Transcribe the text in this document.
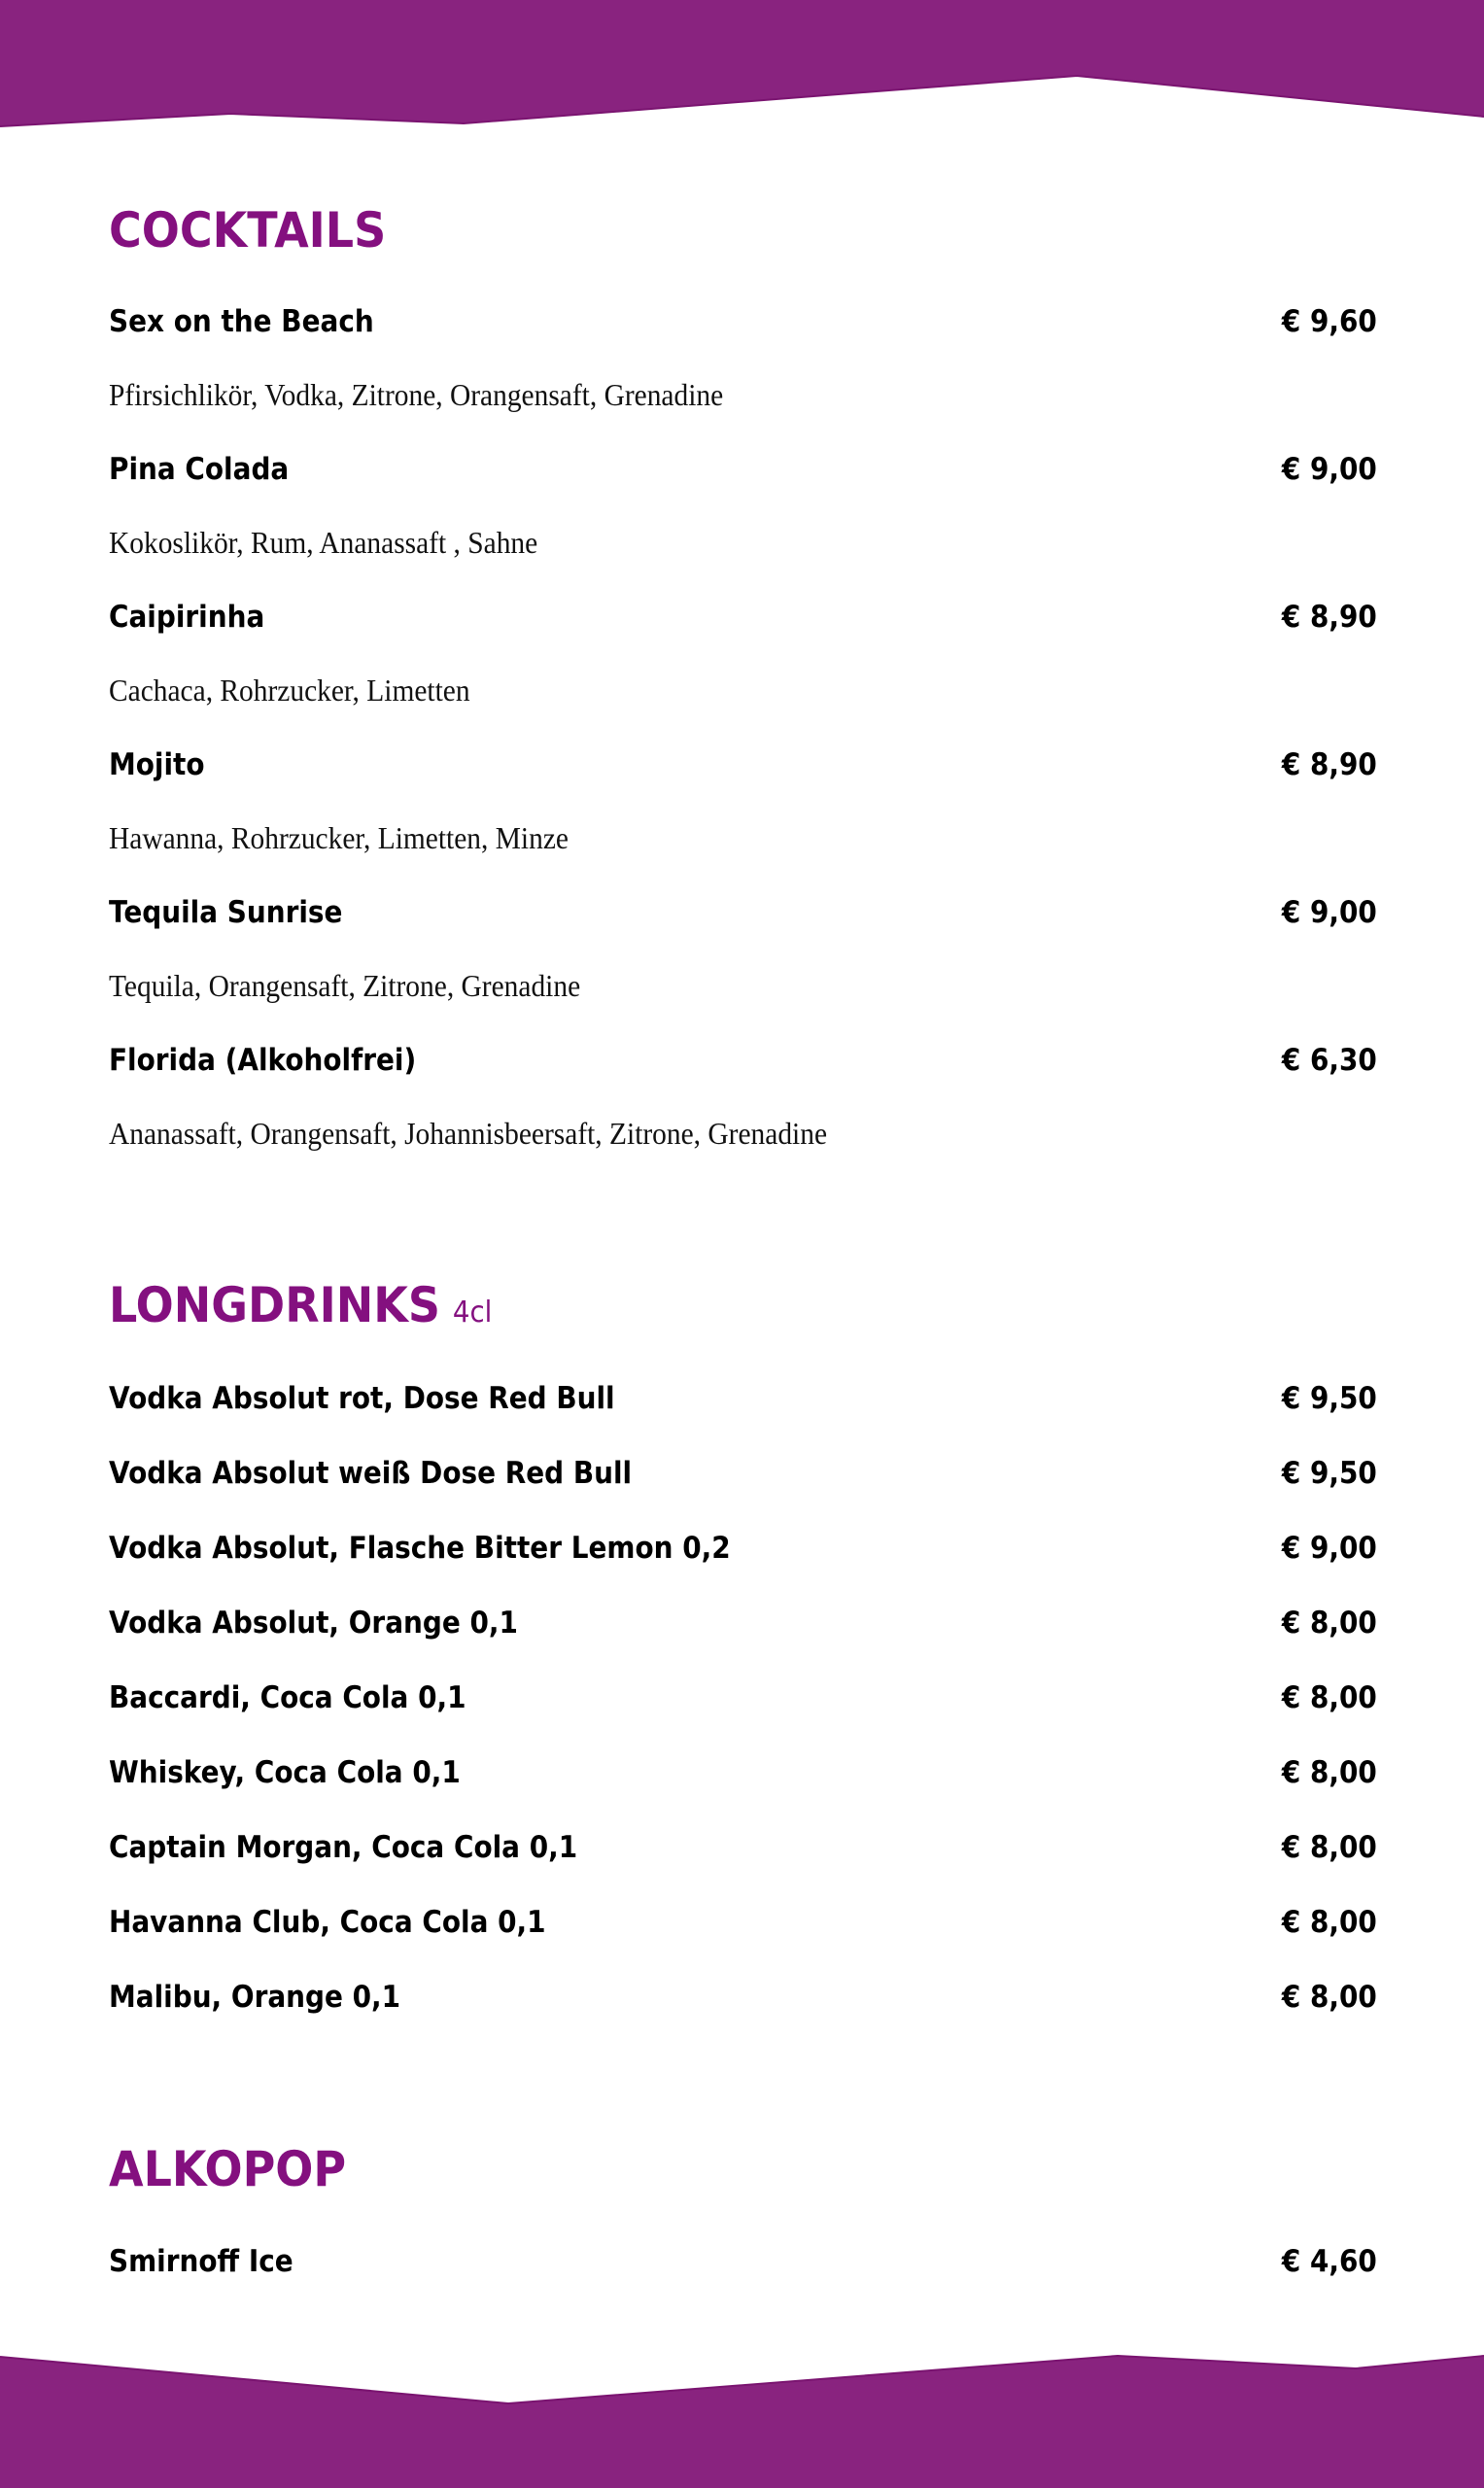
COCKTAILS
Sex on the Beach	€ 9,60
Pfirsichlikör, Vodka, Zitrone, Orangensaft, Grenadine
Pina Colada	€ 9,00
Kokoslikör, Rum, Ananassaft , Sahne
Caipirinha	€ 8,90
Cachaca, Rohrzucker, Limetten
Mojito	€ 8,90
Hawanna, Rohrzucker, Limetten, Minze
Tequila Sunrise	€ 9,00
Tequila, Orangensaft, Zitrone, Grenadine
Florida (Alkoholfrei)	€ 6,30
Ananassaft, Orangensaft, Johannisbeersaft, Zitrone, Grenadine
LONGDRINKS 4cl
Vodka Absolut rot, Dose Red Bull	€ 9,50
Vodka Absolut weiß Dose Red Bull	€ 9,50
Vodka Absolut, Flasche Bitter Lemon 0,2	€ 9,00
Vodka Absolut, Orange 0,1	€ 8,00
Baccardi, Coca Cola 0,1	€ 8,00
Whiskey, Coca Cola 0,1	€ 8,00
Captain Morgan, Coca Cola 0,1	€ 8,00
Havanna Club, Coca Cola 0,1	€ 8,00
Malibu, Orange 0,1	€ 8,00
ALKOPOP
Smirnoff Ice	€ 4,60
